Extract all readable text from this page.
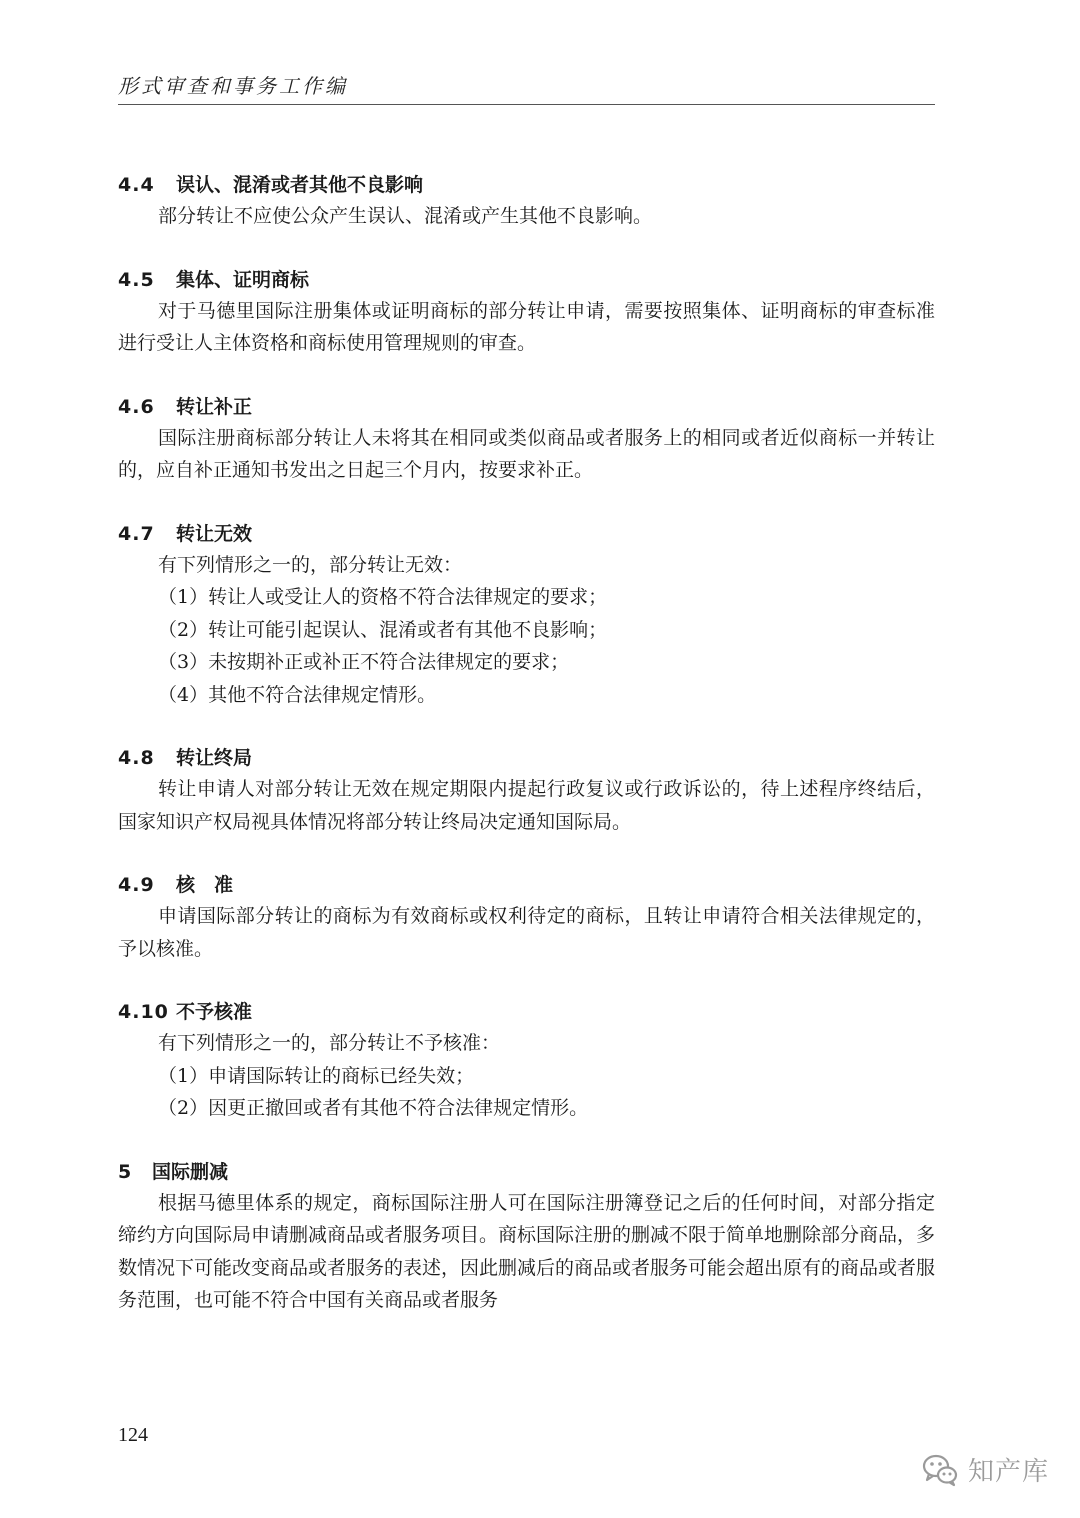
形式审查和事务工作编
4.4 误认、混淆或者其他不良影响

部分转让不应使公众产生误认、混淆或产生其他不良影响。

4.5 集体、证明商标

对于马德里国际注册集体或证明商标的部分转让申请，需要按照集体、证明商标的审查标准进行受让人主体资格和商标使用管理规则的审查。

4.6 转让补正

国际注册商标部分转让人未将其在相同或类似商品或者服务上的相同或者近似商标一并转让的，应自补正通知书发出之日起三个月内，按要求补正。

4.7 转让无效

有下列情形之一的，部分转让无效：

（1）转让人或受让人的资格不符合法律规定的要求；

（2）转让可能引起误认、混淆或者有其他不良影响；

（3）未按期补正或补正不符合法律规定的要求；

（4）其他不符合法律规定情形。

4.8 转让终局

转让申请人对部分转让无效在规定期限内提起行政复议或行政诉讼的，待上述程序终结后，国家知识产权局视具体情况将部分转让终局决定通知国际局。

4.9 核　准

申请国际部分转让的商标为有效商标或权利待定的商标，且转让申请符合相关法律规定的，予以核准。

4.10 不予核准

有下列情形之一的，部分转让不予核准：

（1）申请国际转让的商标已经失效；

（2）因更正撤回或者有其他不符合法律规定情形。

5 国际删减

根据马德里体系的规定，商标国际注册人可在国际注册簿登记之后的任何时间，对部分指定缔约方向国际局申请删减商品或者服务项目。商标国际注册的删减不限于简单地删除部分商品，多数情况下可能改变商品或者服务的表述，因此删减后的商品或者服务可能会超出原有的商品或者服务范围，也可能不符合中国有关商品或者服务

124
知产库
